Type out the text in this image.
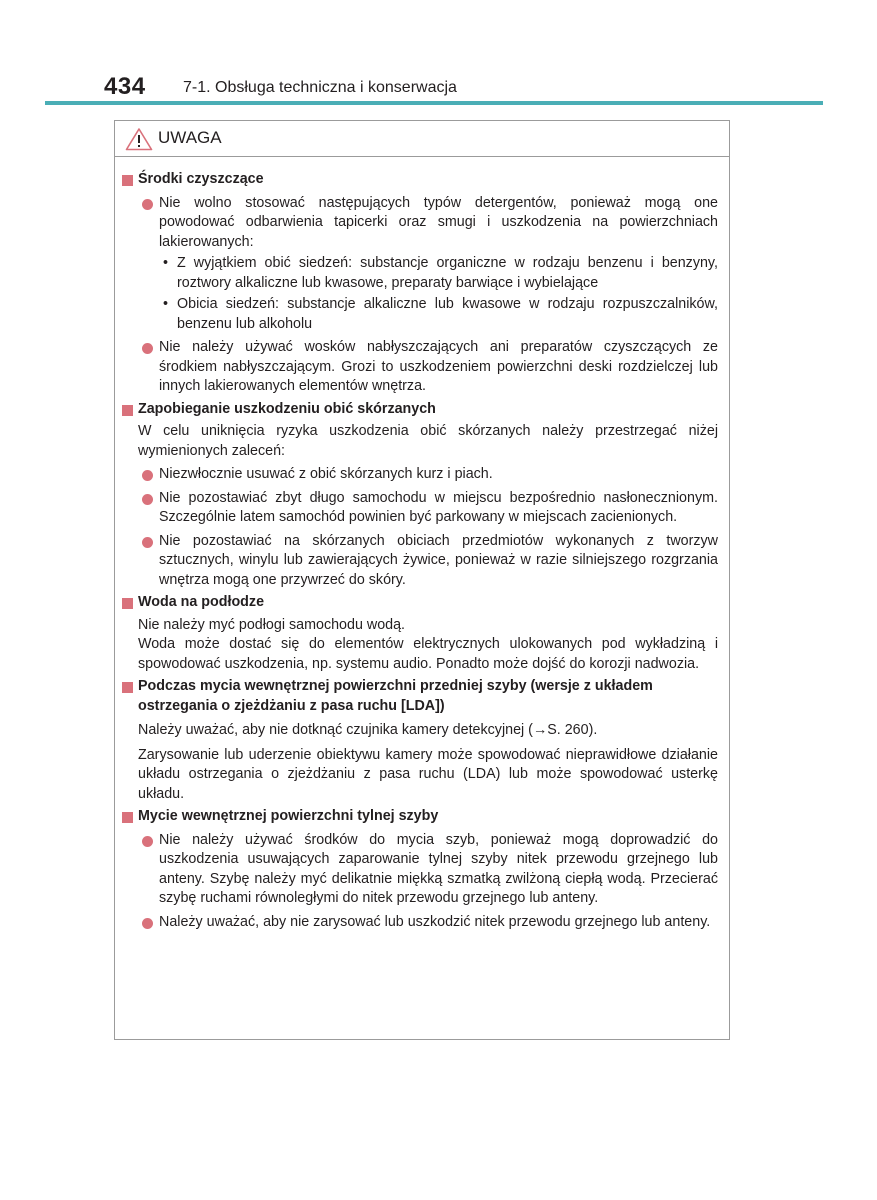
434 7-1. Obsługa techniczna i konserwacja
UWAGA
Środki czyszczące
Nie wolno stosować następujących typów detergentów, ponieważ mogą one powodować odbarwienia tapicerki oraz smugi i uszkodzenia na powierzchniach lakierowanych:
• Z wyjątkiem obić siedzeń: substancje organiczne w rodzaju benzenu i benzyny, roztwory alkaliczne lub kwasowe, preparaty barwiące i wybielające
• Obicia siedzeń: substancje alkaliczne lub kwasowe w rodzaju rozpuszczalników, benzenu lub alkoholu
Nie należy używać wosków nabłyszczających ani preparatów czyszczących ze środkiem nabłyszczającym. Grozi to uszkodzeniem powierzchni deski rozdzielczej lub innych lakierowanych elementów wnętrza.
Zapobieganie uszkodzeniu obić skórzanych
W celu uniknięcia ryzyka uszkodzenia obić skórzanych należy przestrzegać niżej wymienionych zaleceń:
Niezwłocznie usuwać z obić skórzanych kurz i piach.
Nie pozostawiać zbyt długo samochodu w miejscu bezpośrednio nasłonecznionym. Szczególnie latem samochód powinien być parkowany w miejscach zacienionych.
Nie pozostawiać na skórzanych obiciach przedmiotów wykonanych z tworzyw sztucznych, winylu lub zawierających żywice, ponieważ w razie silniejszego rozgrzania wnętrza mogą one przywrzeć do skóry.
Woda na podłodze
Nie należy myć podłogi samochodu wodą.
Woda może dostać się do elementów elektrycznych ulokowanych pod wykładziną i spowodować uszkodzenia, np. systemu audio. Ponadto może dojść do korozji nadwozia.
Podczas mycia wewnętrznej powierzchni przedniej szyby (wersje z układem ostrzegania o zjeżdżaniu z pasa ruchu [LDA])
Należy uważać, aby nie dotknąć czujnika kamery detekcyjnej (→S. 260).
Zarysowanie lub uderzenie obiektywu kamery może spowodować nieprawidłowe działanie układu ostrzegania o zjeżdżaniu z pasa ruchu (LDA) lub może spowodować usterkę układu.
Mycie wewnętrznej powierzchni tylnej szyby
Nie należy używać środków do mycia szyb, ponieważ mogą doprowadzić do uszkodzenia usuwających zaparowanie tylnej szyby nitek przewodu grzejnego lub anteny. Szybę należy myć delikatnie miękką szmatką zwilżoną ciepłą wodą. Przecierać szybę ruchami równoległymi do nitek przewodu grzejnego lub anteny.
Należy uważać, aby nie zarysować lub uszkodzić nitek przewodu grzejnego lub anteny.
